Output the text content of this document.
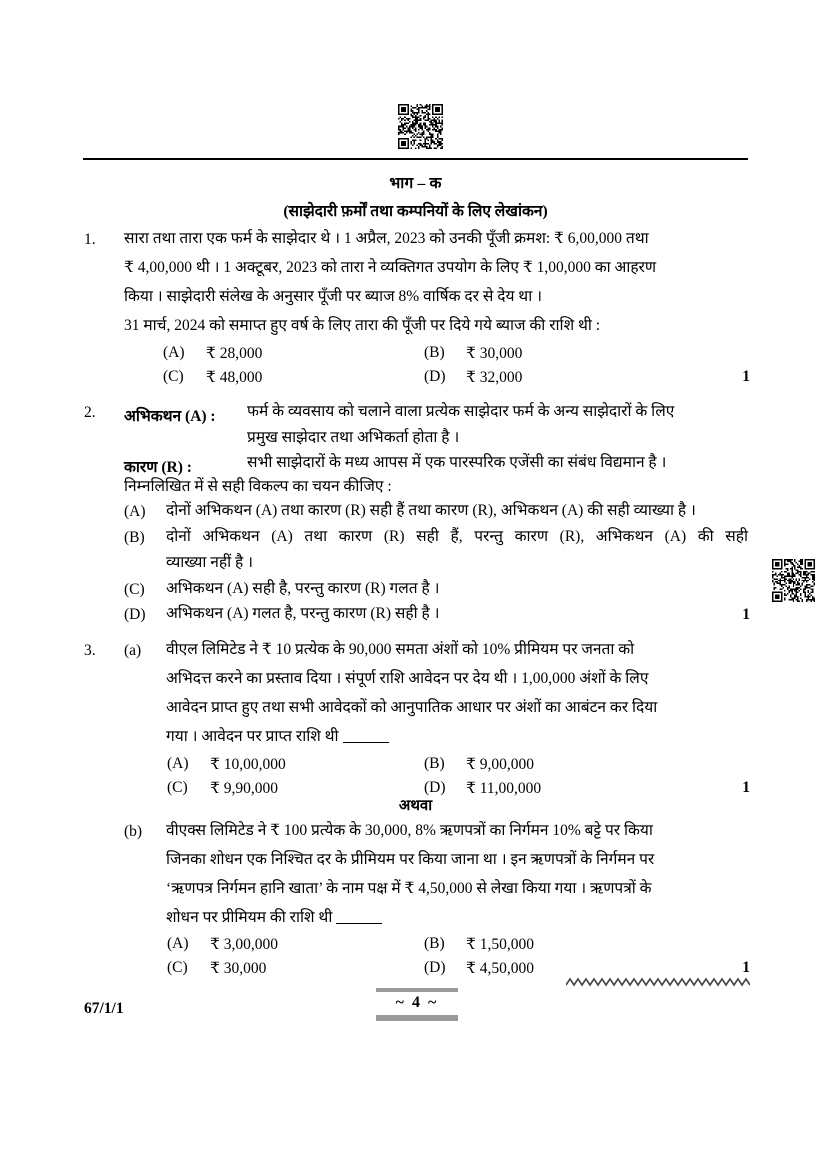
भाग – क
(साझेदारी फ़र्मों तथा कम्पनियों के लिए लेखांकन)
1. सारा तथा तारा एक फर्म के साझेदार थे । 1 अप्रैल, 2023 को उनकी पूँजी क्रमश: ₹ 6,00,000 तथा
₹ 4,00,000 थी । 1 अक्टूबर, 2023 को तारा ने व्यक्तिगत उपयोग के लिए ₹ 1,00,000 का आहरण
किया । साझेदारी संलेख के अनुसार पूँजी पर ब्याज 8% वार्षिक दर से देय था ।
31 मार्च, 2024 को समाप्त हुए वर्ष के लिए तारा की पूँजी पर दिये गये ब्याज की राशि थी :
(A) ₹ 28,000	(B) ₹ 30,000
(C) ₹ 48,000	(D) ₹ 32,000	1
2. अभिकथन (A) : फर्म के व्यवसाय को चलाने वाला प्रत्येक साझेदार फर्म के अन्य साझेदारों के लिए
प्रमुख साझेदार तथा अभिकर्ता होता है ।
कारण (R) :	सभी साझेदारों के मध्य आपस में एक पारस्परिक एजेंसी का संबंध विद्यमान है ।
निम्नलिखित में से सही विकल्प का चयन कीजिए :
(A) दोनों अभिकथन (A) तथा कारण (R) सही हैं तथा कारण (R), अभिकथन (A) की सही व्याख्या है ।
(B) दोनों अभिकथन (A) तथा कारण (R) सही हैं, परन्तु कारण (R), अभिकथन (A) की सही
व्याख्या नहीं है ।
(C) अभिकथन (A) सही है, परन्तु कारण (R) गलत है ।
(D) अभिकथन (A) गलत है, परन्तु कारण (R) सही है ।	1
3. (a) वीएल लिमिटेड ने ₹ 10 प्रत्येक के 90,000 समता अंशों को 10% प्रीमियम पर जनता को
अभिदत्त करने का प्रस्ताव दिया । संपूर्ण राशि आवेदन पर देय थी । 1,00,000 अंशों के लिए
आवेदन प्राप्त हुए तथा सभी आवेदकों को आनुपातिक आधार पर अंशों का आबंटन कर दिया
गया । आवेदन पर प्राप्त राशि थी
(A) ₹ 10,00,000	(B) ₹ 9,00,000
(C) ₹ 9,90,000	(D) ₹ 11,00,000	1
अथवा
(b) वीएक्स लिमिटेड ने ₹ 100 प्रत्येक के 30,000, 8% ऋणपत्रों का निर्गमन 10% बट्टे पर किया
जिनका शोधन एक निश्चित दर के प्रीमियम पर किया जाना था । इन ऋणपत्रों के निर्गमन पर
‘ऋणपत्र निर्गमन हानि खाता’ के नाम पक्ष में ₹ 4,50,000 से लेखा किया गया । ऋणपत्रों के
शोधन पर प्रीमियम की राशि थी
(A) ₹ 3,00,000	(B) ₹ 1,50,000
(C) ₹ 30,000	(D) ₹ 4,50,000	1
67/1/1	~ 4 ~
